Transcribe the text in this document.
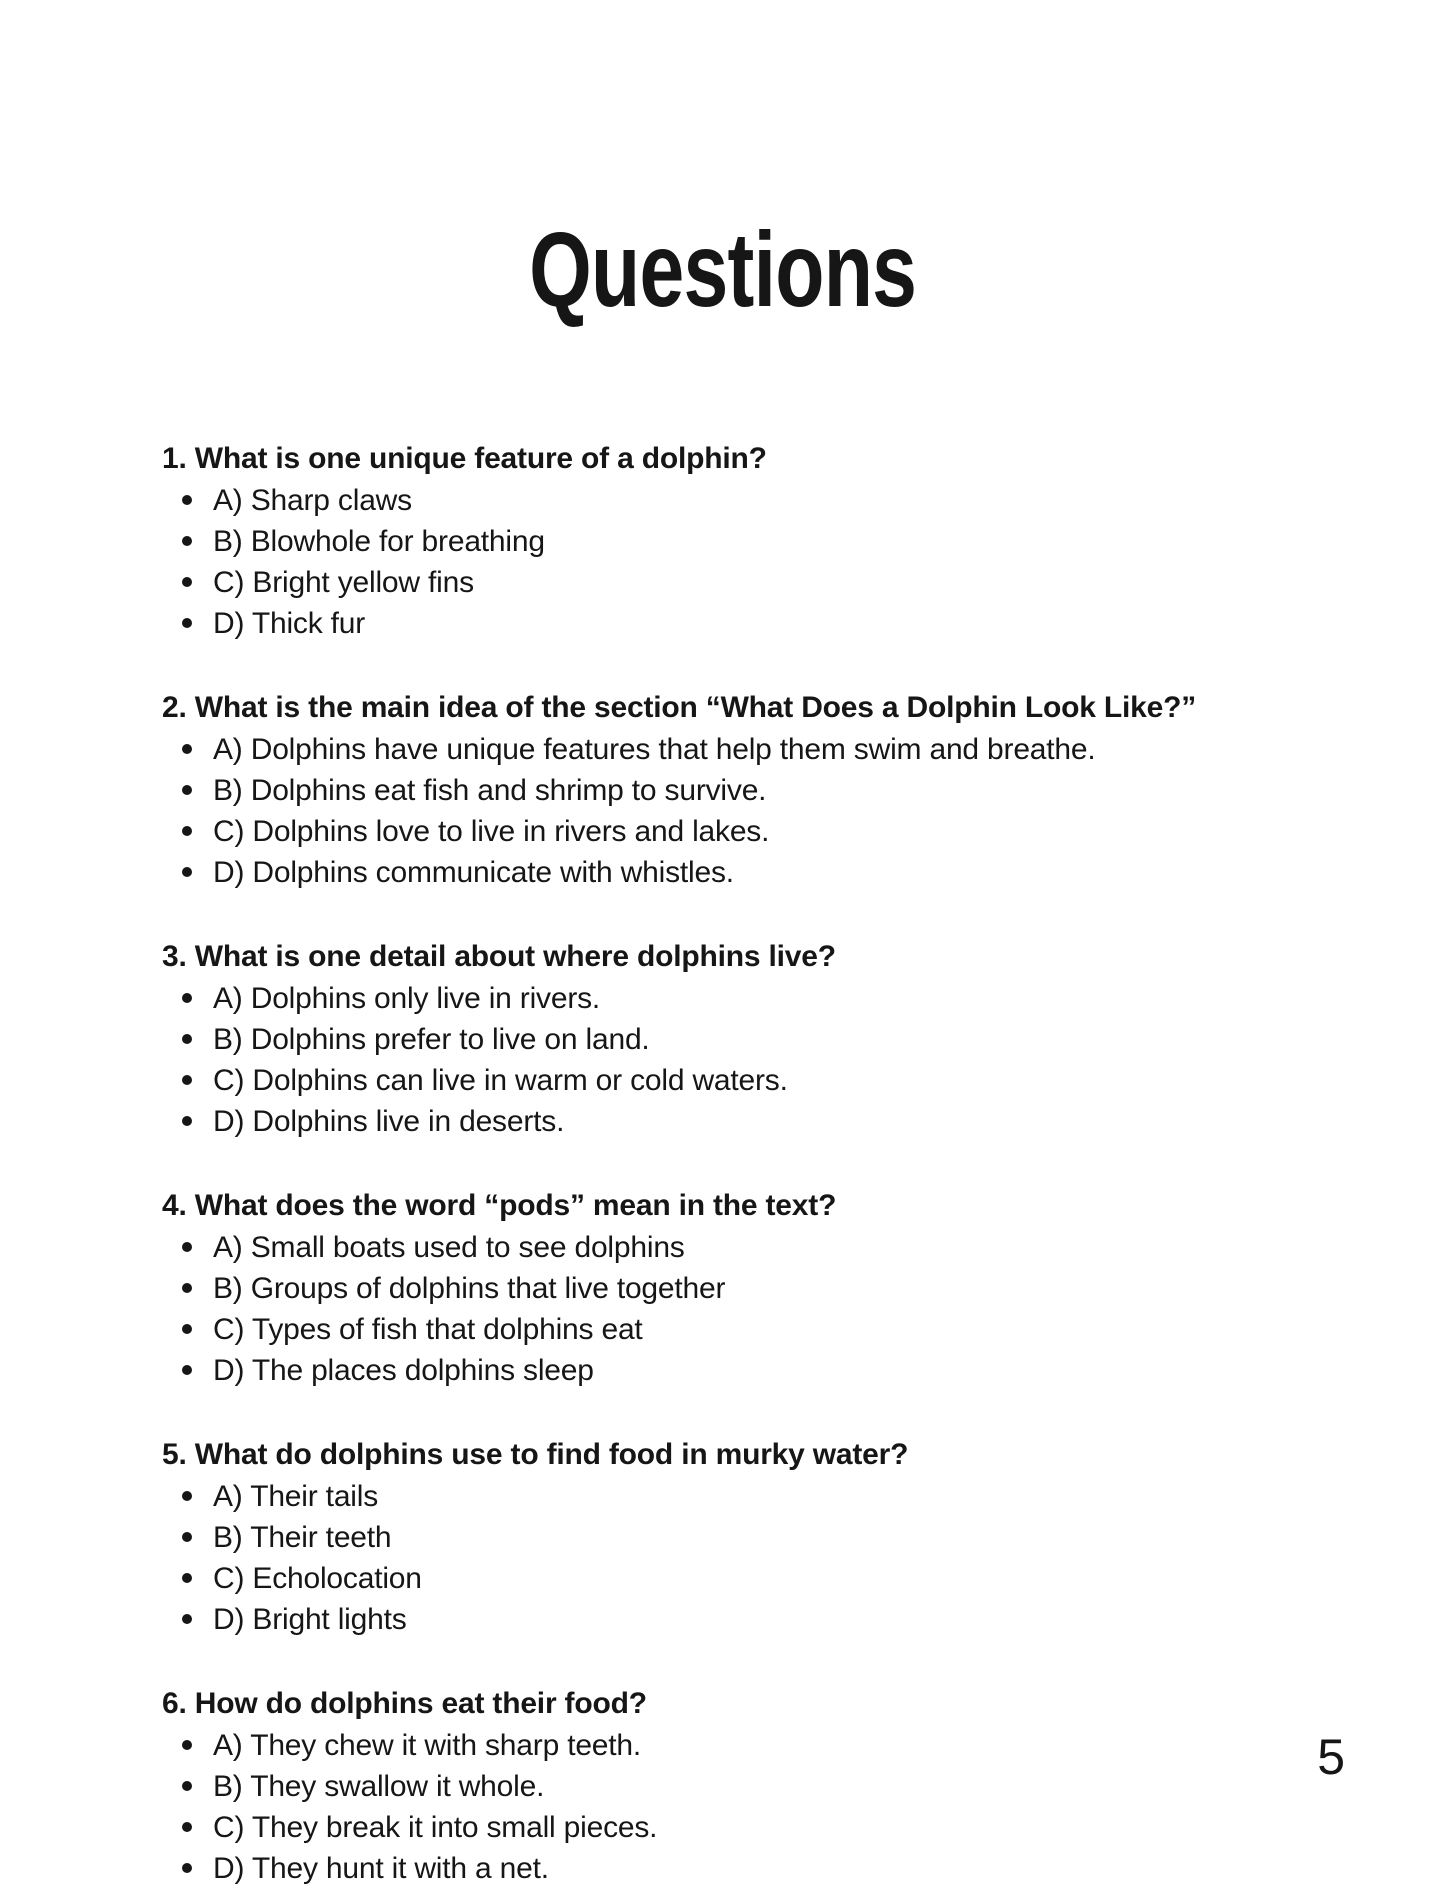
Questions
1. What is one unique feature of a dolphin?
A) Sharp claws
B) Blowhole for breathing
C) Bright yellow fins
D) Thick fur
2. What is the main idea of the section “What Does a Dolphin Look Like?”
A) Dolphins have unique features that help them swim and breathe.
B) Dolphins eat fish and shrimp to survive.
C) Dolphins love to live in rivers and lakes.
D) Dolphins communicate with whistles.
3. What is one detail about where dolphins live?
A) Dolphins only live in rivers.
B) Dolphins prefer to live on land.
C) Dolphins can live in warm or cold waters.
D) Dolphins live in deserts.
4. What does the word “pods” mean in the text?
A) Small boats used to see dolphins
B) Groups of dolphins that live together
C) Types of fish that dolphins eat
D) The places dolphins sleep
5. What do dolphins use to find food in murky water?
A) Their tails
B) Their teeth
C) Echolocation
D) Bright lights
6. How do dolphins eat their food?
A) They chew it with sharp teeth.
B) They swallow it whole.
C) They break it into small pieces.
D) They hunt it with a net.
5
